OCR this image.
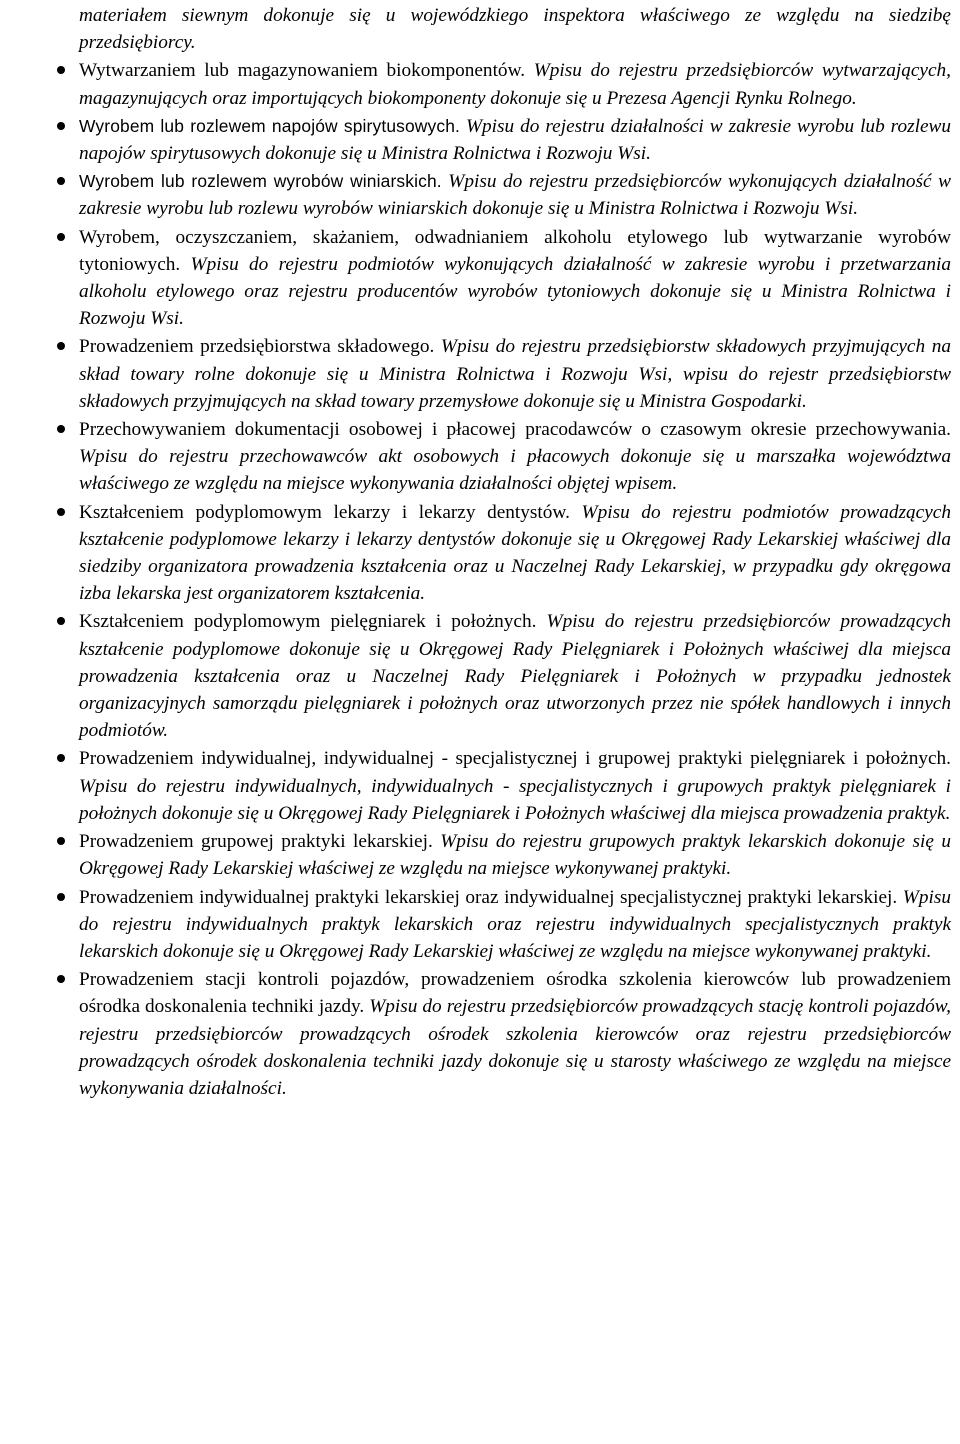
materiałem siewnym dokonuje się u wojewódzkiego inspektora właściwego ze względu na siedzibę przedsiębiorcy.

Wytwarzaniem lub magazynowaniem biokomponentów. Wpisu do rejestru przedsiębiorców wytwarzających, magazynujących oraz importujących biokomponenty dokonuje się u Prezesa Agencji Rynku Rolnego.

Wyrobem lub rozlewem napojów spirytusowych. Wpisu do rejestru działalności w zakresie wyrobu lub rozlewu napojów spirytusowych dokonuje się u Ministra Rolnictwa i Rozwoju Wsi.

Wyrobem lub rozlewem wyrobów winiarskich. Wpisu do rejestru przedsiębiorców wykonujących działalność w zakresie wyrobu lub rozlewu wyrobów winiarskich dokonuje się u Ministra Rolnictwa i Rozwoju Wsi.

Wyrobem, oczyszczaniem, skażaniem, odwadnianiem alkoholu etylowego lub wytwarzanie wyrobów tytoniowych. Wpisu do rejestru podmiotów wykonujących działalność w zakresie wyrobu i przetwarzania alkoholu etylowego oraz rejestru producentów wyrobów tytoniowych dokonuje się u Ministra Rolnictwa i Rozwoju Wsi.

Prowadzeniem przedsiębiorstwa składowego. Wpisu do rejestru przedsiębiorstw składowych przyjmujących na skład towary rolne dokonuje się u Ministra Rolnictwa i Rozwoju Wsi, wpisu do rejestr przedsiębiorstw składowych przyjmujących na skład towary przemysłowe dokonuje się u Ministra Gospodarki.

Przechowywaniem dokumentacji osobowej i płacowej pracodawców o czasowym okresie przechowywania. Wpisu do rejestru przechowawców akt osobowych i płacowych dokonuje się u marszałka województwa właściwego ze względu na miejsce wykonywania działalności objętej wpisem.

Kształceniem podyplomowym lekarzy i lekarzy dentystów. Wpisu do rejestru podmiotów prowadzących kształcenie podyplomowe lekarzy i lekarzy dentystów dokonuje się u Okręgowej Rady Lekarskiej właściwej dla siedziby organizatora prowadzenia kształcenia oraz u Naczelnej Rady Lekarskiej, w przypadku gdy okręgowa izba lekarska jest organizatorem kształcenia.

Kształceniem podyplomowym pielęgniarek i położnych. Wpisu do rejestru przedsiębiorców prowadzących kształcenie podyplomowe dokonuje się u Okręgowej Rady Pielęgniarek i Położnych właściwej dla miejsca prowadzenia kształcenia oraz u Naczelnej Rady Pielęgniarek i Położnych w przypadku jednostek organizacyjnych samorządu pielęgniarek i położnych oraz utworzonych przez nie spółek handlowych i innych podmiotów.

Prowadzeniem indywidualnej, indywidualnej - specjalistycznej i grupowej praktyki pielęgniarek i położnych. Wpisu do rejestru indywidualnych, indywidualnych - specjalistycznych i grupowych praktyk pielęgniarek i położnych dokonuje się u Okręgowej Rady Pielęgniarek i Położnych właściwej dla miejsca prowadzenia praktyk.

Prowadzeniem grupowej praktyki lekarskiej. Wpisu do rejestru grupowych praktyk lekarskich dokonuje się u Okręgowej Rady Lekarskiej właściwej ze względu na miejsce wykonywanej praktyki.

Prowadzeniem indywidualnej praktyki lekarskiej oraz indywidualnej specjalistycznej praktyki lekarskiej. Wpisu do rejestru indywidualnych praktyk lekarskich oraz rejestru indywidualnych specjalistycznych praktyk lekarskich dokonuje się u Okręgowej Rady Lekarskiej właściwej ze względu na miejsce wykonywanej praktyki.

Prowadzeniem stacji kontroli pojazdów, prowadzeniem ośrodka szkolenia kierowców lub prowadzeniem ośrodka doskonalenia techniki jazdy. Wpisu do rejestru przedsiębiorców prowadzących stację kontroli pojazdów, rejestru przedsiębiorców prowadzących ośrodek szkolenia kierowców oraz rejestru przedsiębiorców prowadzących ośrodek doskonalenia techniki jazdy dokonuje się u starosty właściwego ze względu na miejsce wykonywania działalności.
